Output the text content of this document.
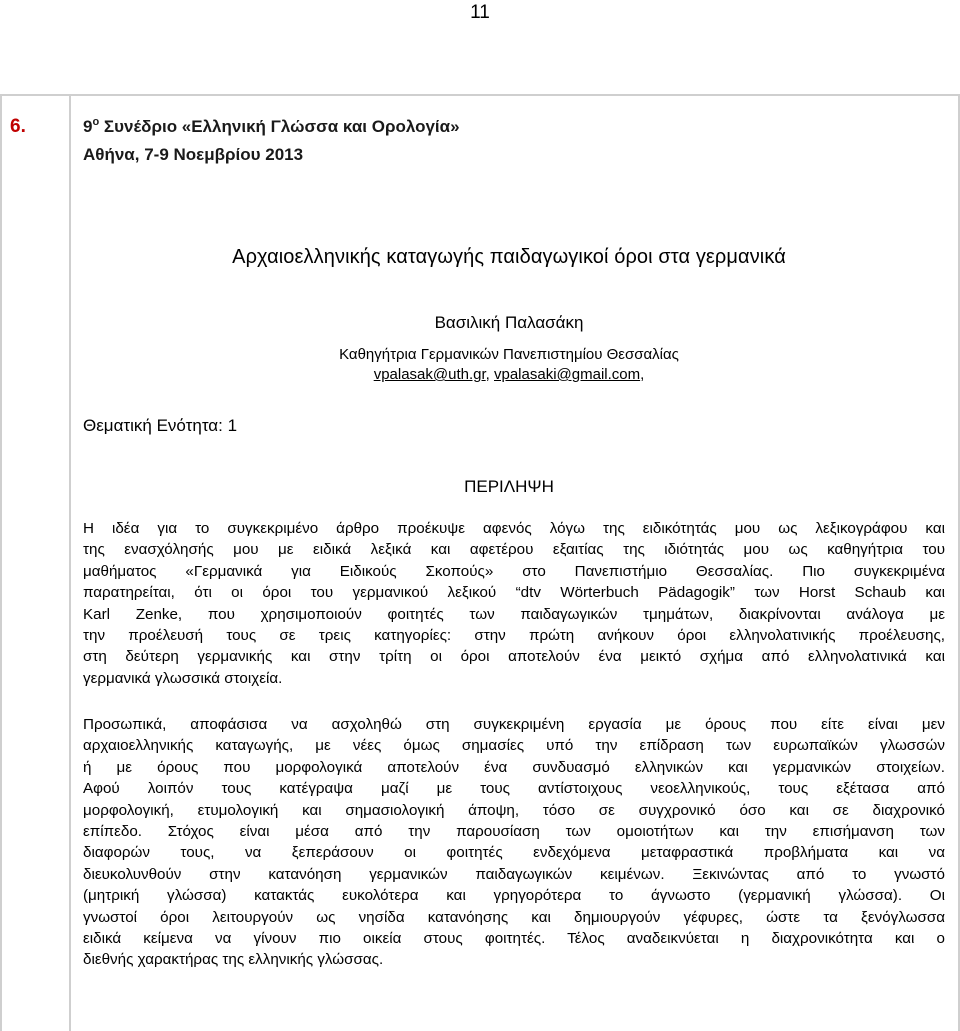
11
6.	$9^o$ Συνέδριο «Ελληνική Γλώσσα και Ορολογία»
Αθήνα, 7-9 Νοεμβρίου 2013
Αρχαιοελληνικής καταγωγής παιδαγωγικοί όροι στα γερμανικά
Βασιλική Παλασάκη
Καθηγήτρια Γερμανικών Πανεπιστημίου Θεσσαλίας
vpalasak@uth.gr, vpalasaki@gmail.com,
Θεματική Ενότητα: 1
ΠΕΡΙΛΗΨΗ
Η ιδέα για το συγκεκριμένο άρθρο προέκυψε αφενός λόγω της ειδικότητάς μου ως λεξικογράφου και
της ενασχόλησής μου με ειδικά λεξικά και αφετέρου εξαιτίας της ιδιότητάς μου ως καθηγήτρια του
μαθήματος «Γερμανικά για Ειδικούς Σκοπούς» στο Πανεπιστήμιο Θεσσαλίας. Πιο συγκεκριμένα
παρατηρείται, ότι οι όροι του γερμανικού λεξικού “dtv Wörterbuch Pädagogik” των Horst Schaub και
Karl Zenke, που χρησιμοποιούν φοιτητές των παιδαγωγικών τμημάτων, διακρίνονται ανάλογα με
την προέλευσή τους σε τρεις κατηγορίες: στην πρώτη ανήκουν όροι ελληνολατινικής προέλευσης,
στη δεύτερη γερμανικής και στην τρίτη οι όροι αποτελούν ένα μεικτό σχήμα από ελληνολατινικά και
γερμανικά γλωσσικά στοιχεία.
Προσωπικά, αποφάσισα να ασχοληθώ στη συγκεκριμένη εργασία με όρους που είτε είναι μεν
αρχαιοελληνικής καταγωγής, με νέες όμως σημασίες υπό την επίδραση των ευρωπαϊκών γλωσσών
ή με όρους που μορφολογικά αποτελούν ένα συνδυασμό ελληνικών και γερμανικών στοιχείων.
Αφού λοιπόν τους κατέγραψα μαζί με τους αντίστοιχους νεοελληνικούς, τους εξέτασα από
μορφολογική, ετυμολογική και σημασιολογική άποψη, τόσο σε συγχρονικό όσο και σε διαχρονικό
επίπεδο. Στόχος είναι μέσα από την παρουσίαση των ομοιοτήτων και την επισήμανση των
διαφορών τους, να ξεπεράσουν οι φοιτητές ενδεχόμενα μεταφραστικά προβλήματα και να
διευκολυνθούν στην κατανόηση γερμανικών παιδαγωγικών κειμένων. Ξεκινώντας από το γνωστό
(μητρική γλώσσα) κατακτάς ευκολότερα και γρηγορότερα το άγνωστο (γερμανική γλώσσα). Οι
γνωστοί όροι λειτουργούν ως νησίδα κατανόησης και δημιουργούν γέφυρες, ώστε τα ξενόγλωσσα
ειδικά κείμενα να γίνουν πιο οικεία στους φοιτητές. Τέλος αναδεικνύεται η διαχρονικότητα και ο
διεθνής χαρακτήρας της ελληνικής γλώσσας.
